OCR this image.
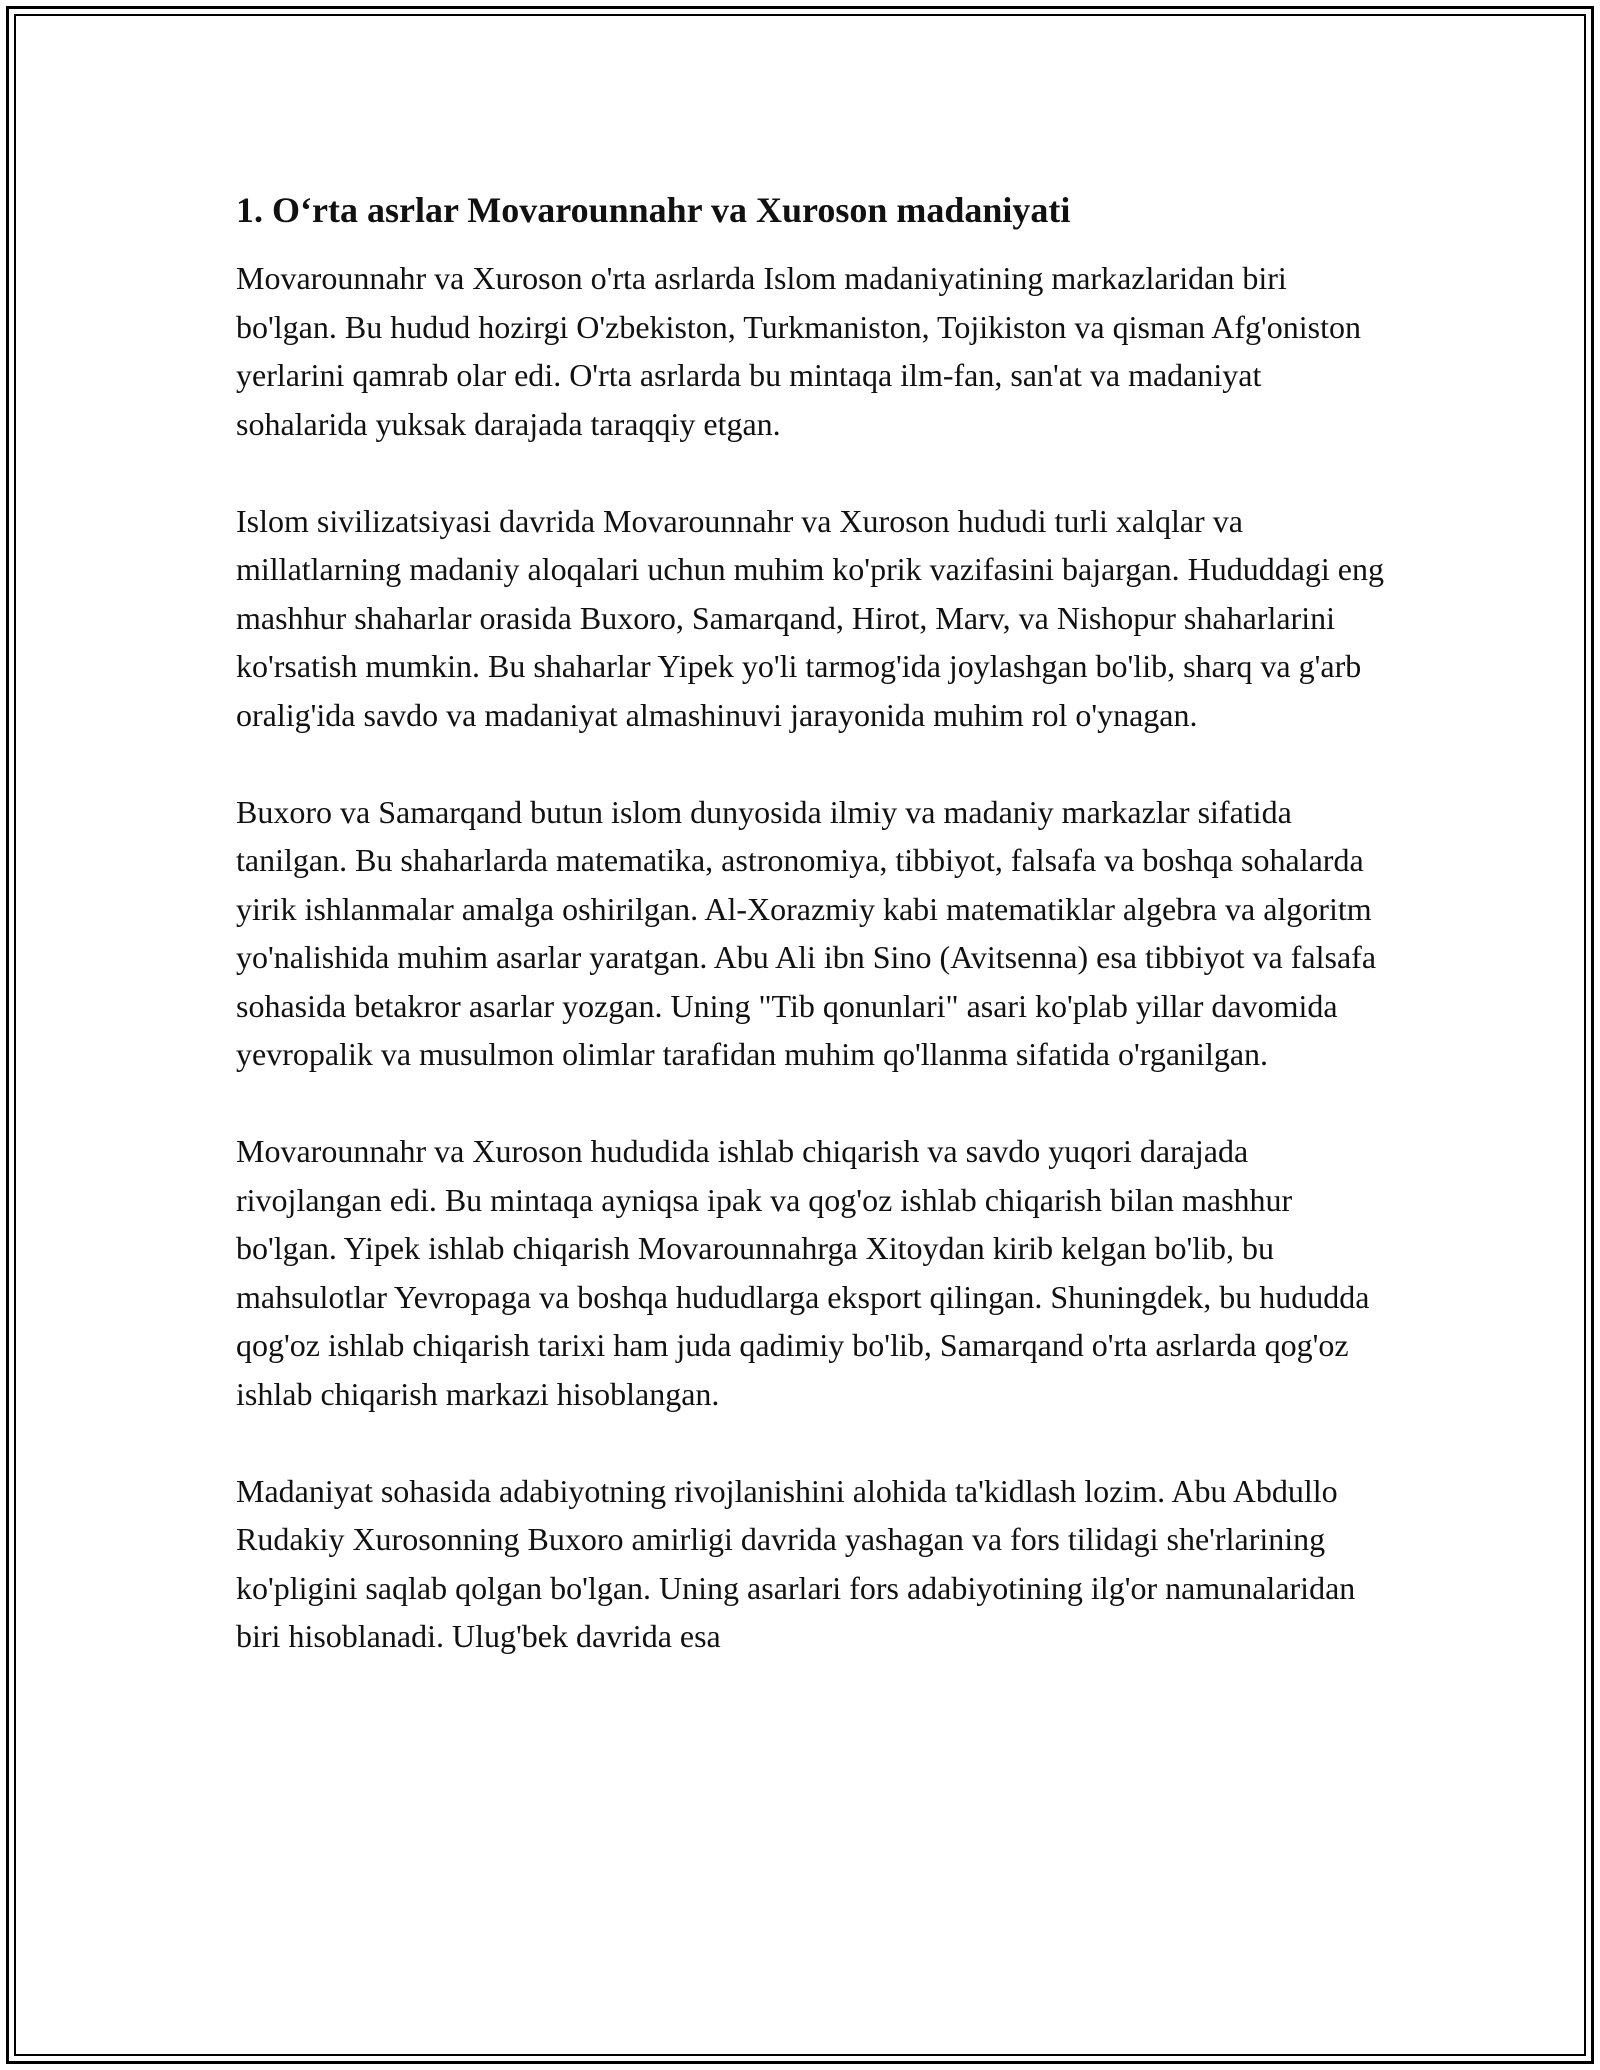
1. Oʻrta asrlar Movarounnahr va Xuroson madaniyati

Movarounnahr va Xuroson o'rta asrlarda Islom madaniyatining markazlaridan biri bo'lgan. Bu hudud hozirgi O'zbekiston, Turkmaniston, Tojikiston va qisman Afg'oniston yerlarini qamrab olar edi. O'rta asrlarda bu mintaqa ilm-fan, san'at va madaniyat sohalarida yuksak darajada taraqqiy etgan.

Islom sivilizatsiyasi davrida Movarounnahr va Xuroson hududi turli xalqlar va millatlarning madaniy aloqalari uchun muhim ko'prik vazifasini bajargan. Hududdagi eng mashhur shaharlar orasida Buxoro, Samarqand, Hirot, Marv, va Nishopur shaharlarini ko'rsatish mumkin. Bu shaharlar Yipek yo'li tarmog'ida joylashgan bo'lib, sharq va g'arb oralig'ida savdo va madaniyat almashinuvi jarayonida muhim rol o'ynagan.

Buxoro va Samarqand butun islom dunyosida ilmiy va madaniy markazlar sifatida tanilgan. Bu shaharlarda matematika, astronomiya, tibbiyot, falsafa va boshqa sohalarda yirik ishlanmalar amalga oshirilgan. Al-Xorazmiy kabi matematiklar algebra va algoritm yo'nalishida muhim asarlar yaratgan. Abu Ali ibn Sino (Avitsenna) esa tibbiyot va falsafa sohasida betakror asarlar yozgan. Uning "Tib qonunlari" asari ko'plab yillar davomida yevropalik va musulmon olimlar tarafidan muhim qo'llanma sifatida o'rganilgan.

Movarounnahr va Xuroson hududida ishlab chiqarish va savdo yuqori darajada rivojlangan edi. Bu mintaqa ayniqsa ipak va qog'oz ishlab chiqarish bilan mashhur bo'lgan. Yipek ishlab chiqarish Movarounnahrga Xitoydan kirib kelgan bo'lib, bu mahsulotlar Yevropaga va boshqa hududlarga eksport qilingan. Shuningdek, bu hududda qog'oz ishlab chiqarish tarixi ham juda qadimiy bo'lib, Samarqand o'rta asrlarda qog'oz ishlab chiqarish markazi hisoblangan.

Madaniyat sohasida adabiyotning rivojlanishini alohida ta'kidlash lozim. Abu Abdullo Rudakiy Xurosonning Buxoro amirligi davrida yashagan va fors tilidagi she'rlarining ko'pligini saqlab qolgan bo'lgan. Uning asarlari fors adabiyotining ilg'or namunalaridan biri hisoblanadi. Ulug'bek davrida esa
